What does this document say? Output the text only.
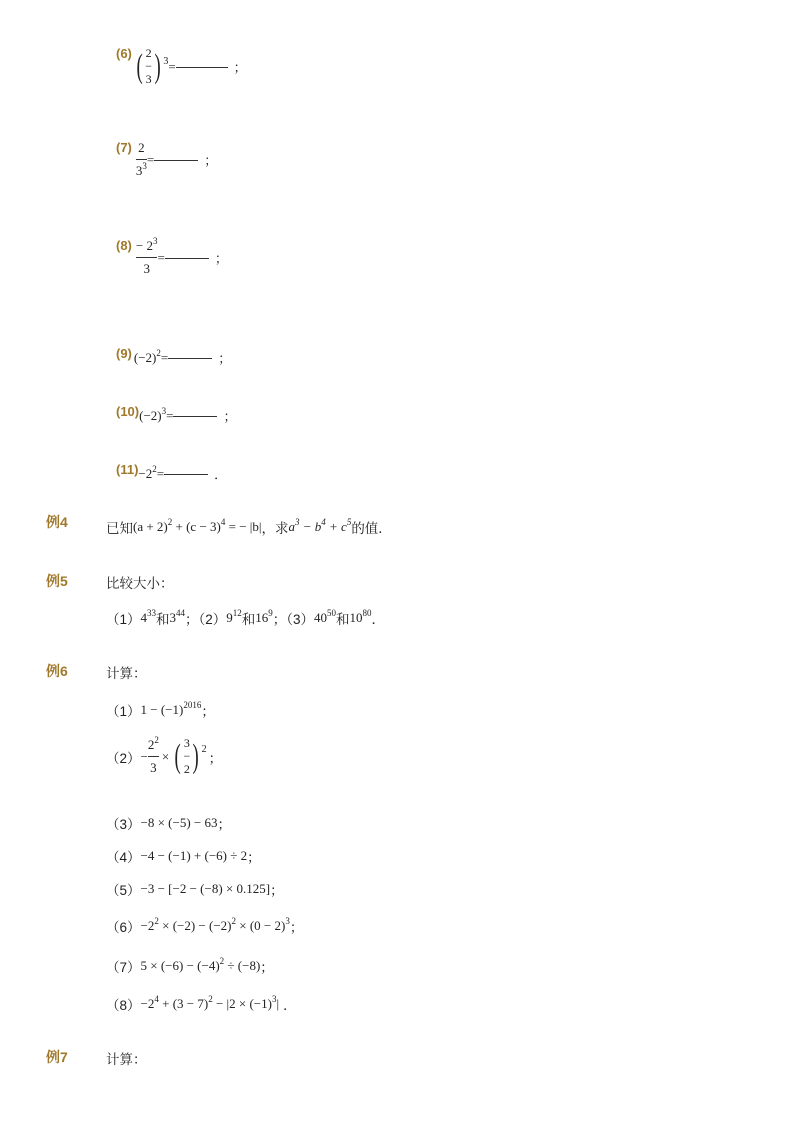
(6) ( 2
−
3 ) 3 =	；
$(7) \frac{2}{3^3}$ =	；
$(8) \frac{- 2^3}{3}$ =	；
(9) $(-2)^2=$	；
(10) $(-2)^3=$	；
$(11) -2^2=$	．
例4	已知 $(a + 2)^2 + (c - 3)^4$ = − |b| ，求 $a^3 - b^4 + c^5$ 的值．
例5	比较大小：
（1） $4^{33}$ 和 $3^{44}$ ；（2） $9^{12}$ 和 $16^9$ ；（3） $40^{50}$ 和 $10^{80}$ ．
例6	计算：
（1） $1 - (-1)^{2016}$ ；
$(2) - \frac{2^2}{3}$ × ( 3
−
2 ) 2
；
（3） −8 × (−5) − 63 ；
（4） −4 − (−1) + (−6) ÷ 2 ；
（5） −3 − [−2 − (−8) × 0.125] ；
$(6) -2^2 \times (-2) - (-2)^2 \times (0 - 2)^3$ ；
（7） $5 \times (-6) - (-4)^2 \div (-8)$ ；
$(8) -2^4 + (3 - 7)^2 - |2 \times (-1)^3|$ ．
例7	计算：
